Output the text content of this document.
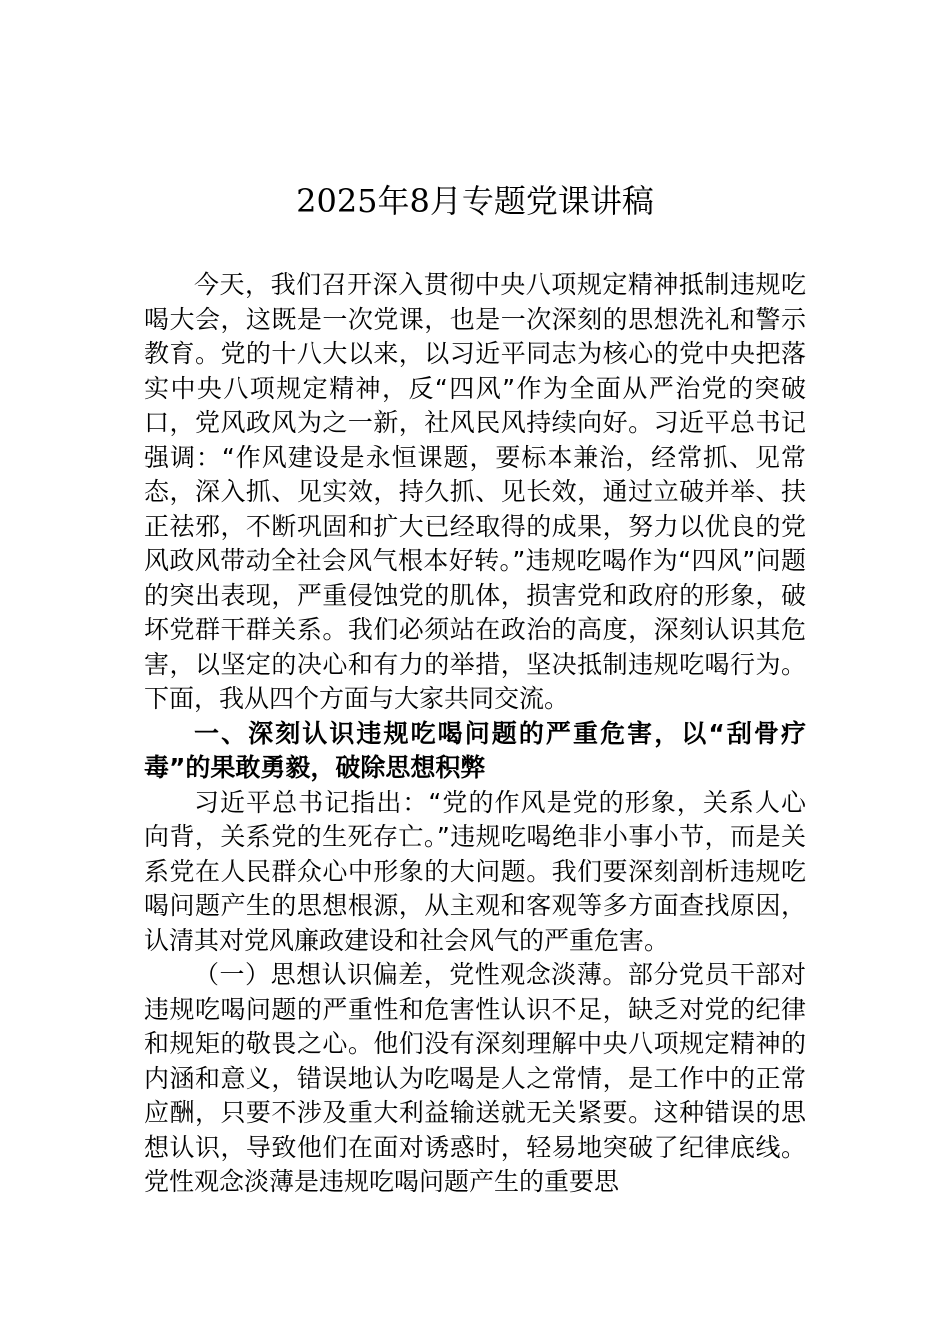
2025年8月专题党课讲稿

今天，我们召开深入贯彻中央八项规定精神抵制违规吃喝大会，这既是一次党课，也是一次深刻的思想洗礼和警示教育。党的十八大以来，以习近平同志为核心的党中央把落实中央八项规定精神，反“四风”作为全面从严治党的突破口，党风政风为之一新，社风民风持续向好。习近平总书记强调：“作风建设是永恒课题，要标本兼治，经常抓、见常态，深入抓、见实效，持久抓、见长效，通过立破并举、扶正祛邪，不断巩固和扩大已经取得的成果，努力以优良的党风政风带动全社会风气根本好转。”违规吃喝作为“四风”问题的突出表现，严重侵蚀党的肌体，损害党和政府的形象，破坏党群干群关系。我们必须站在政治的高度，深刻认识其危害，以坚定的决心和有力的举措，坚决抵制违规吃喝行为。下面，我从四个方面与大家共同交流。

一、深刻认识违规吃喝问题的严重危害，以“刮骨疗毒”的果敢勇毅，破除思想积弊

习近平总书记指出：“党的作风是党的形象，关系人心向背，关系党的生死存亡。”违规吃喝绝非小事小节，而是关系党在人民群众心中形象的大问题。我们要深刻剖析违规吃喝问题产生的思想根源，从主观和客观等多方面查找原因，认清其对党风廉政建设和社会风气的严重危害。

（一）思想认识偏差，党性观念淡薄。部分党员干部对违规吃喝问题的严重性和危害性认识不足，缺乏对党的纪律和规矩的敬畏之心。他们没有深刻理解中央八项规定精神的内涵和意义，错误地认为吃喝是人之常情，是工作中的正常应酬，只要不涉及重大利益输送就无关紧要。这种错误的思想认识，导致他们在面对诱惑时，轻易地突破了纪律底线。党性观念淡薄是违规吃喝问题产生的重要思
